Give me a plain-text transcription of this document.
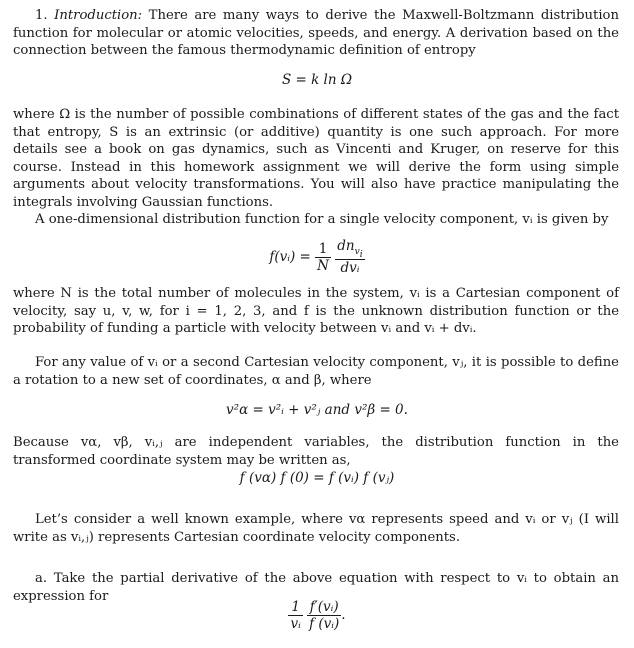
1. Introduction: There are many ways to derive the Maxwell-Boltzmann distribution function for molecular or atomic velocities, speeds, and energy. A derivation based on the connection between the famous thermodynamic definition of entropy
S = k ln Ω
where Ω is the number of possible combinations of different states of the gas and the fact that entropy, S is an extrinsic (or additive) quantity is one such approach. For more details see a book on gas dynamics, such as Vincenti and Kruger, on reserve for this course. Instead in this homework assignment we will derive the form using simple arguments about velocity transformations. You will also have practice manipulating the integrals involving Gaussian functions.
A one-dimensional distribution function for a single velocity component, vᵢ is given by
f(vᵢ) = $\frac{1}{N}$
$\frac{dn_{v_i}}{\text{dvᵢ}}$
where N is the total number of molecules in the system, vᵢ is a Cartesian component of velocity, say u, v, w, for i = 1, 2, 3, and f is the unknown distribution function or the probability of funding a particle with velocity between vᵢ and vᵢ + dvᵢ.
For any value of vᵢ or a second Cartesian velocity component, vⱼ, it is possible to define a rotation to a new set of coordinates, α and β, where
v²α = v²ᵢ + v²ⱼ and v²β = 0.
Because vα, vβ, vᵢ,ⱼ are independent variables, the distribution function in the transformed coordinate system may be written as,
f (vα) f (0) = f (vᵢ) f (vⱼ)
Let’s consider a well known example, where vα represents speed and vᵢ or vⱼ (I will write as vᵢ,ⱼ) represents Cartesian coordinate velocity components.
a. Take the partial derivative of the above equation with respect to vᵢ to obtain an expression for
$\frac{1}{\text{vᵢ}}$
$\frac{\text{f′(vᵢ)}}{\text{f (vᵢ)}}$ .
